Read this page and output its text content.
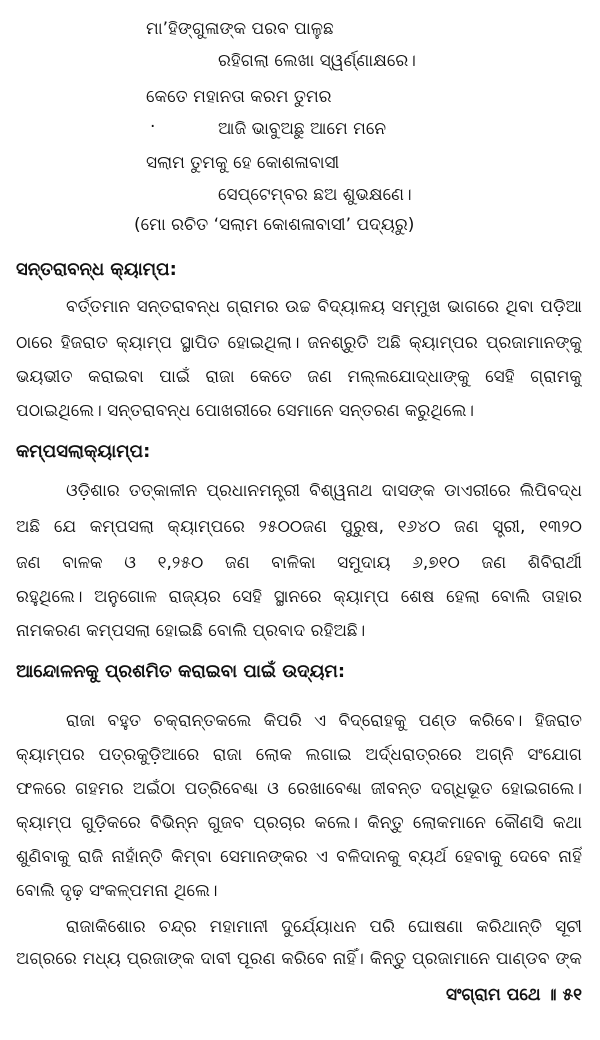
ମା’ହିଙ୍ଗୁଳାଙ୍କ ପରବ ପାଳୁଛ
ରହିଗଲା ଲେଖା ସ୍ୱର୍ଣ୍ଣାକ୍ଷରେ।
କେତେ ମହାନତା କରମ ତୁମର
·	ଆଜି ଭାବୁଅଛୁ ଆମେ ମନେ
ସଲାମ ତୁମକୁ ହେ କୋଶଳାବାସୀ
ସେପ୍ଟେମ୍ବର ଛଅ ଶୁଭକ୍ଷଣେ।
(ମୋ ରଚିତ ‘ସଲାମ କୋଶଳାବାସୀ’ ପଦ୍ୟରୁ)
ସନ୍ତରାବନ୍ଧ କ୍ୟାମ୍ପ:
ବର୍ତ୍ତମାନ ସନ୍ତରାବନ୍ଧ ଗ୍ରାମର ଉଚ୍ଚ ବିଦ୍ୟାଳୟ ସମ୍ମୁଖ ଭାଗରେ ଥିବା ପଡ଼ିଆ
ଠାରେ ହିଜରାତ କ୍ୟାମ୍ପ ସ୍ଥାପିତ ହୋଇଥିଲା। ଜନଶ୍ରୁତି ଅଛି କ୍ୟାମ୍ପର ପ୍ରଜାମାନଙ୍କୁ
ଭୟଭୀତ କରାଇବା ପାଇଁ ରାଜା କେତେ ଜଣ ମଲ୍ଲଯୋଦ୍ଧାଙ୍କୁ ସେହି ଗ୍ରାମକୁ
ପଠାଇଥିଲେ। ସନ୍ତରାବନ୍ଧ ପୋଖରୀରେ ସେମାନେ ସନ୍ତରଣ କରୁଥିଲେ।
କମ୍ପସଲାକ୍ୟାମ୍ପ:
ଓଡ଼ିଶାର ତତ୍କାଳୀନ ପ୍ରଧାନମନ୍ତ୍ରୀ ବିଶ୍ୱନାଥ ଦାସଙ୍କ ଡାଏରୀରେ ଲିପିବଦ୍ଧ
ଅଛି ଯେ କମ୍ପସଲା କ୍ୟାମ୍ପରେ ୨୫୦୦ଜଣ ପୁରୁଷ, ୧୬୪୦ ଜଣ ସ୍ତ୍ରୀ, ୧୩୨୦
ଜଣ ବାଳକ ଓ ୧,୨୫୦ ଜଣ ବାଳିକା ସମୁଦାୟ ୬,୭୧୦ ଜଣ ଶିବିରାର୍ଥୀ
ରହୁଥିଲେ। ଅନୁଗୋଳ ରାଜ୍ୟର ସେହି ସ୍ଥାନରେ କ୍ୟାମ୍ପ ଶେଷ ହେଲା ବୋଲି ତାହାର
ନାମକରଣ କମ୍ପସଲା ହୋଇଛି ବୋଲି ପ୍ରବାଦ ରହିଅଛି।
ଆନ୍ଦୋଳନକୁ ପ୍ରଶମିତ କରାଇବା ପାଇଁ ଉଦ୍ୟମ:
ରାଜା ବହୁତ ଚକ୍ରାନ୍ତକଲେ କିପରି ଏ ବିଦ୍ରୋହକୁ ପଣ୍ଡ କରିବେ। ହିଜରାତ
କ୍ୟାମ୍ପର ପତ୍ରକୁଡ଼ିଆରେ ରାଜା ଲୋକ ଲଗାଇ ଅର୍ଦ୍ଧରାତ୍ରରେ ଅଗ୍ନି ସଂଯୋଗ
ଫଳରେ ଗହମର ଅଇଁଠା ପତ୍ରିବେଣ୍ଢା ଓ ରେଖାବେଣ୍ଢା ଜୀବନ୍ତ ଦଗ୍ଧିଭୂତ ହୋଇଗଲେ।
କ୍ୟାମ୍ପ ଗୁଡ଼ିକରେ ବିଭିନ୍ନ ଗୁଜବ ପ୍ରଚାର କଲେ। କିନ୍ତୁ ଲୋକମାନେ କୌଣସି କଥା
ଶୁଣିବାକୁ ରାଜି ନାହାଁନ୍ତି କିମ୍ବା ସେମାନଙ୍କର ଏ ବଳିଦାନକୁ ବ୍ୟର୍ଥ ହେବାକୁ ଦେବେ ନାହିଁ
ବୋଲି ଦୃଢ଼ ସଂକଳ୍ପମନା ଥିଲେ।
ରାଜାକିଶୋର ଚନ୍ଦ୍ର ମହାମାନୀ ଦୁର୍ଯ୍ୟୋଧନ ପରି ଘୋଷଣା କରିଥାନ୍ତି ସୂଚୀ
ଅଗ୍ରରେ ମଧ୍ୟ ପ୍ରଜାଙ୍କ ଦାବୀ ପୂରଣ କରିବେ ନାହିଁ। କିନ୍ତୁ ପ୍ରଜାମାନେ ପାଣ୍ଡବ ଙ୍କ
ସଂଗ୍ରାମ ପଥେ ॥ ୫୧
